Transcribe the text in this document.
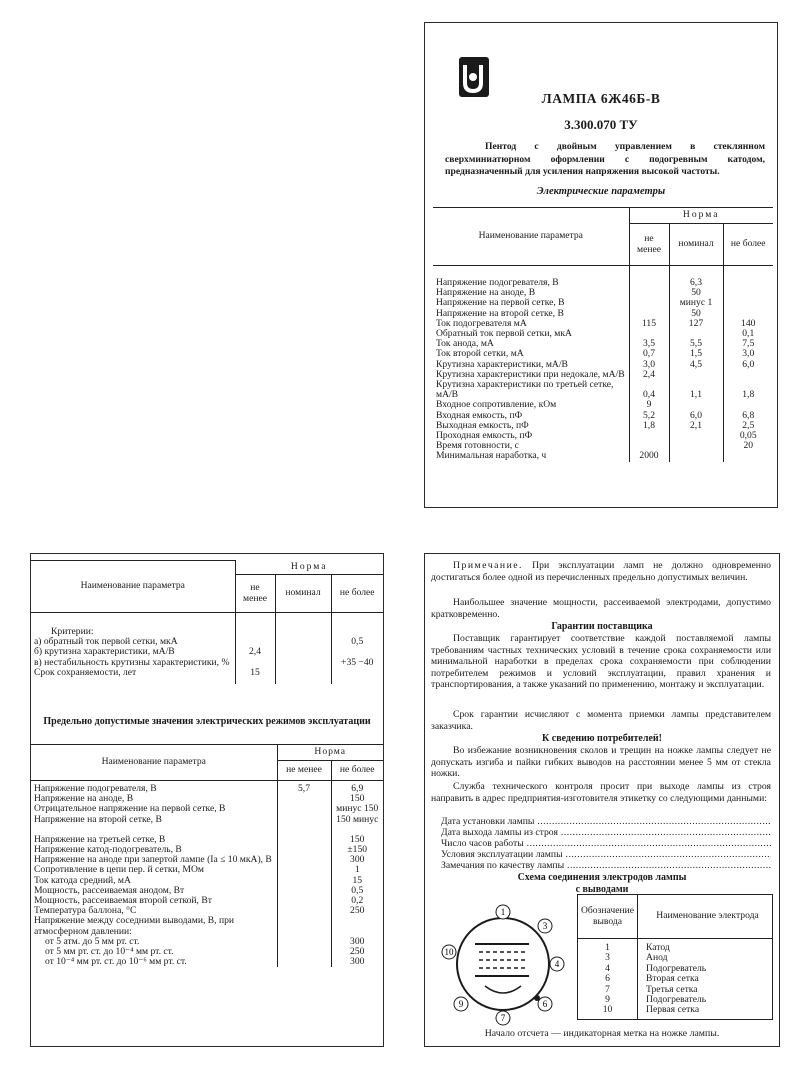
ЛАМПА 6Ж46Б-В
3.300.070 ТУ
Пентод с двойным управлением в стеклянном сверхминиатюрном оформлении с подогревным катодом, предназначенный для усиления напряжения высокой частоты.
Электрические параметры
Наименование параметра	Норма		
	не менее	номинал	не более
Напряжение подогревателя, В		6,3	
Напряжение на аноде, В		50	
Напряжение на первой сетке, В		минус 1	
Напряжение на второй сетке, В		50	
Ток подогревателя мА	115	127	140
Обратный ток первой сетки, мкА			0,1
Ток анода, мА	3,5	5,5	7,5
Ток второй сетки, мА	0,7	1,5	3,0
Крутизна характеристики, мА/В	3,0	4,5	6,0
Крутизна характеристики при недокале, мА/В	2,4		
Крутизна характеристики по третьей сетке, мА/В	0,4	1,1	1,8
Входное сопротивление, кОм	9		
Входная емкость, пФ	5,2	6,0	6,8
Выходная емкость, пФ	1,8	2,1	2,5
Проходная емкость, пФ			0,05
Время готовности, с			20
Минимальная наработка, ч	2000		
Наименование параметра	Норма		
	не менее	номинал	не более
Критерии:			
а) обратный ток первой сетки, мкА			0,5
б) крутизна характеристики, мА/В	2,4		
в) нестабильность крутизны характеристики, %			+35 −40
Срок сохраняемости, лет	15		
Предельно допустимые значения электрических режимов эксплуатации
Наименование параметра	Норма	
	не менее	не более
Напряжение подогревателя, В	5,7	6,9
Напряжение на аноде, В		150
Отрицательное напряжение на первой сетке, В		минус 150
Напряжение на второй сетке, В		150 минус
Напряжение на третьей сетке, В		150
Напряжение катод-подогреватель, В		±150
Напряжение на аноде при запертой лампе (Iа ≤ 10 мкА), В		300
Сопротивление в цепи пер. й сетки, МОм		1
Ток катода средний, мА		15
Мощность, рассеиваемая анодом, Вт		0,5
Мощность, рассеиваемая второй сеткой, Вт		0,2
Температура баллона, °С		250
Напряжение между соседними выводами, В, при атмосферном давлении:		
от 5 атм. до 5 мм рт. ст.		300
от 5 мм рт. ст. до 10⁻⁴ мм рт. ст.		250
от 10⁻⁴ мм рт. ст. до 10⁻⁶ мм рт. ст.		300
Примечание. При эксплуатации ламп не должно одновременно достигаться более одной из перечисленных предельно допустимых величин.
Наибольшее значение мощности, рассеиваемой электродами, допустимо кратковременно.
Гарантии поставщика
Поставщик гарантирует соответствие каждой поставляемой лампы требованиям частных технических условий в течение срока сохраняемости или минимальной наработки в пределах срока сохраняемости при соблюдении потребителем режимов и условий эксплуатации, правил хранения и транспортирования, а также указаний по применению, монтажу и эксплуатации.
Срок гарантии исчисляют с момента приемки лампы представителем заказчика.
К сведению потребителей!
Во избежание возникновения сколов и трещин на ножке лампы следует не допускать изгиба и пайки гибких выводов на расстоянии менее 5 мм от стекла ножки.
Служба технического контроля просит при выходе лампы из строя направить в адрес предприятия-изготовителя этикетку со следующими данными:
Дата установки лампы .....
Дата выхода лампы из строя .....
Число часов работы .....
Условия эксплуатации лампы .....
Замечания по качеству лампы .....
Схема соединения электродов лампы с выводами
1
3
4
6
7
9
10
Обозначение вывода	Наименование электрода
1	Катод
3	Анод
4	Подогреватель
6	Вторая сетка
7	Третья сетка
9	Подогреватель
10	Первая сетка
Начало отсчета — индикаторная метка на ножке лампы.
